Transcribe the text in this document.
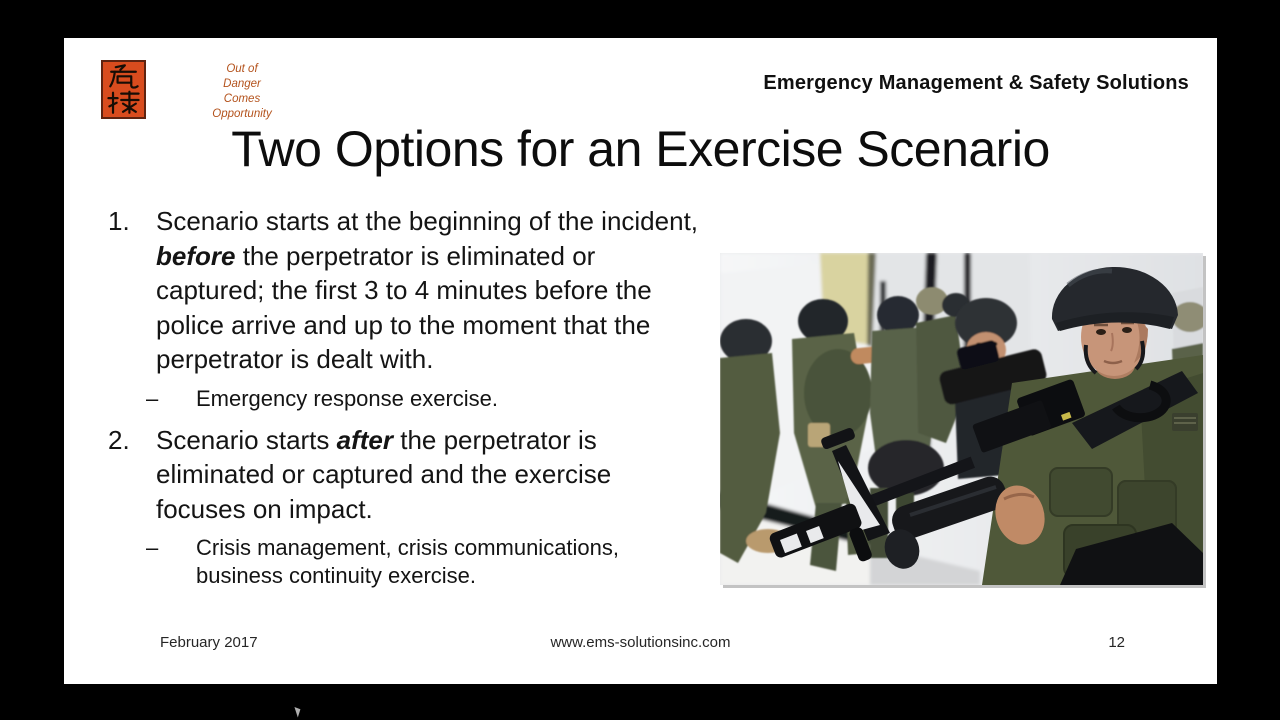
Out of
Danger
Comes
Opportunity
Emergency Management & Safety Solutions
Two Options for an Exercise Scenario
1.	Scenario starts at the beginning of the incident, before the perpetrator is eliminated or captured; the first 3 to 4 minutes before the police arrive and up to the moment that the perpetrator is dealt with.
–	Emergency response exercise.
2.	Scenario starts after the perpetrator is eliminated or captured and the exercise focuses on impact.
–	Crisis management, crisis communications, business continuity exercise.
February 2017	www.ems-solutionsinc.com	12
